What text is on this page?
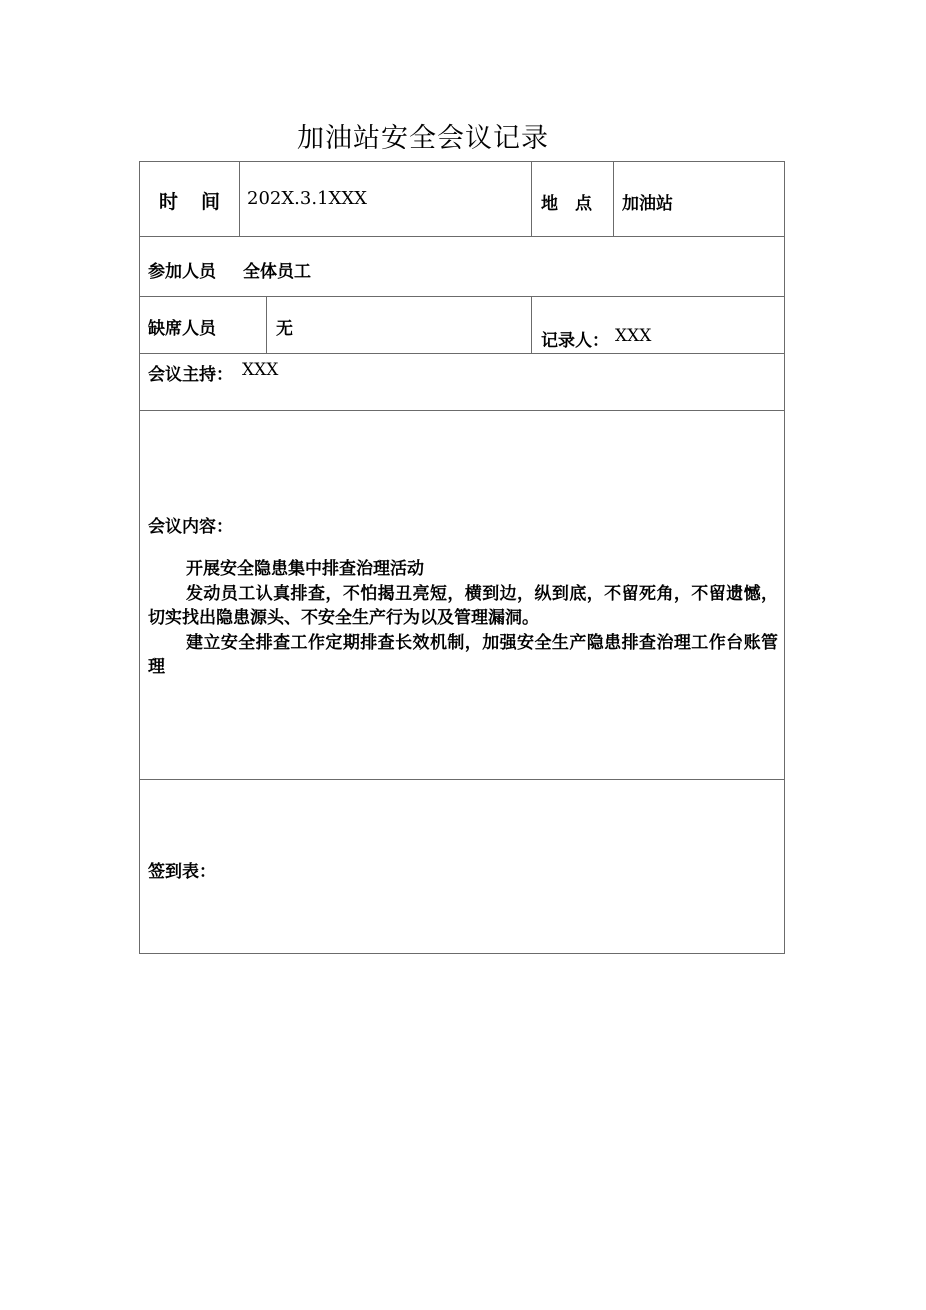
加油站安全会议记录
时　间 202X.3.1XXX	地　点 加油站
参加人员 全体员工
缺席人员	无
记录人： XXX
会议主持： XXX
会议内容：
签到表：

开展安全隐患集中排查治理活动

发动员工认真排查，不怕揭丑亮短，横到边，纵到底，不留死角，不留遗憾，切实找出隐患源头、不安全生产行为以及管理漏洞。

建立安全排查工作定期排查长效机制，加强安全生产隐患排查治理工作台账管理
